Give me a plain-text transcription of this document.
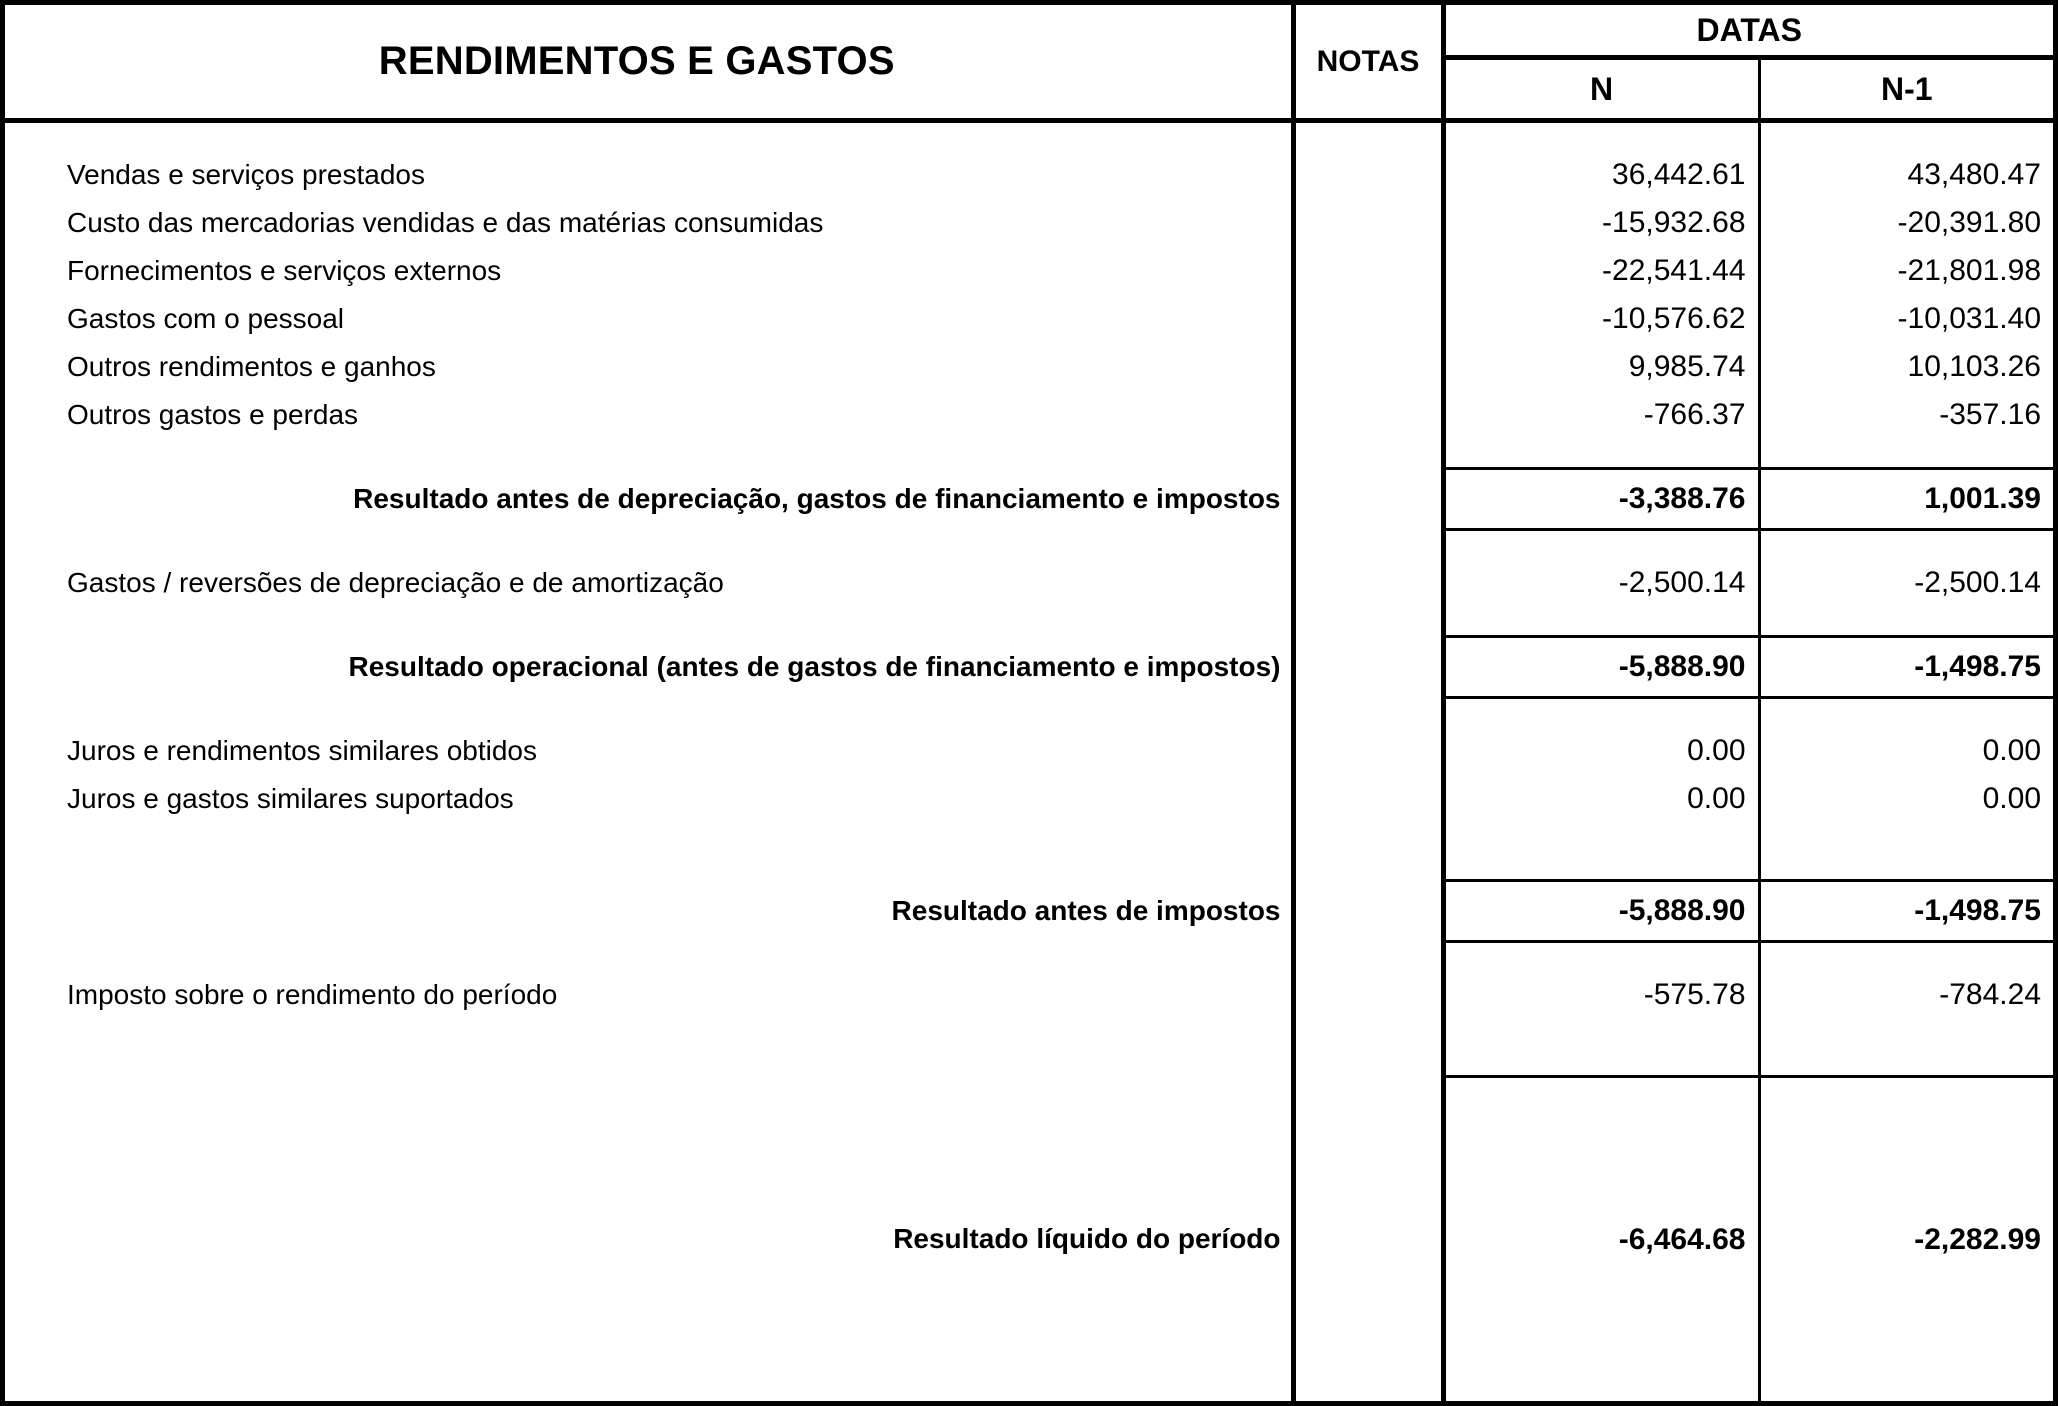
RENDIMENTOS E GASTOS	NOTAS	DATAS	
		N	N-1

Vendas e serviços prestados		36,442.61	43,480.47
Custo das mercadorias vendidas e das matérias consumidas		-15,932.68	-20,391.80
Fornecimentos e serviços externos		-22,541.44	-21,801.98
Gastos com o pessoal		-10,576.62	-10,031.40
Outros rendimentos e ganhos		9,985.74	10,103.26
Outros gastos e perdas		-766.37	-357.16

Resultado antes de depreciação, gastos de financiamento e impostos		-3,388.76	1,001.39

Gastos / reversões de depreciação e de amortização		-2,500.14	-2,500.14

Resultado operacional (antes de gastos de financiamento e impostos)		-5,888.90	-1,498.75

Juros e rendimentos similares obtidos		0.00	0.00
Juros e gastos similares suportados		0.00	0.00

Resultado antes de impostos		-5,888.90	-1,498.75

Imposto sobre o rendimento do período		-575.78	-784.24

Resultado líquido do período		-6,464.68	-2,282.99
